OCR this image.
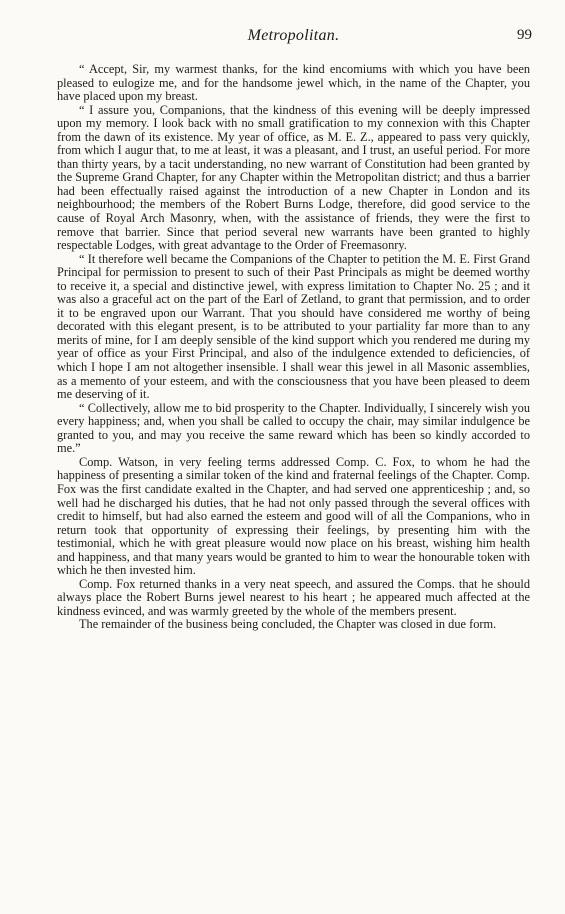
Metropolitan.	99

“ Accept, Sir, my warmest thanks, for the kind encomiums with which you have been pleased to eulogize me, and for the handsome jewel which, in the name of the Chapter, you have placed upon my breast.

“ I assure you, Companions, that the kindness of this evening will be deeply impressed upon my memory. I look back with no small gratification to my connexion with this Chapter from the dawn of its existence. My year of office, as M. E. Z., appeared to pass very quickly, from which I augur that, to me at least, it was a pleasant, and I trust, an useful period. For more than thirty years, by a tacit understanding, no new warrant of Constitution had been granted by the Supreme Grand Chapter, for any Chapter within the Metropolitan district; and thus a barrier had been effectually raised against the introduction of a new Chapter in London and its neighbourhood; the members of the Robert Burns Lodge, therefore, did good service to the cause of Royal Arch Masonry, when, with the assistance of friends, they were the first to remove that barrier. Since that period several new warrants have been granted to highly respectable Lodges, with great advantage to the Order of Freemasonry.

“ It therefore well became the Companions of the Chapter to petition the M. E. First Grand Principal for permission to present to such of their Past Principals as might be deemed worthy to receive it, a special and distinctive jewel, with express limitation to Chapter No. 25 ; and it was also a graceful act on the part of the Earl of Zetland, to grant that permission, and to order it to be engraved upon our Warrant. That you should have considered me worthy of being decorated with this elegant present, is to be attributed to your partiality far more than to any merits of mine, for I am deeply sensible of the kind support which you rendered me during my year of office as your First Principal, and also of the indulgence extended to deficiencies, of which I hope I am not altogether insensible. I shall wear this jewel in all Masonic assemblies, as a memento of your esteem, and with the consciousness that you have been pleased to deem me deserving of it.

“ Collectively, allow me to bid prosperity to the Chapter. Individually, I sincerely wish you every happiness; and, when you shall be called to occupy the chair, may similar indulgence be granted to you, and may you receive the same reward which has been so kindly accorded to me.”

Comp. Watson, in very feeling terms addressed Comp. C. Fox, to whom he had the happiness of presenting a similar token of the kind and fraternal feelings of the Chapter. Comp. Fox was the first candidate exalted in the Chapter, and had served one apprenticeship ; and, so well had he discharged his duties, that he had not only passed through the several offices with credit to himself, but had also earned the esteem and good will of all the Companions, who in return took that opportunity of expressing their feelings, by presenting him with the testimonial, which he with great pleasure would now place on his breast, wishing him health and happiness, and that many years would be granted to him to wear the honourable token with which he then invested him.

Comp. Fox returned thanks in a very neat speech, and assured the Comps. that he should always place the Robert Burns jewel nearest to his heart ; he appeared much affected at the kindness evinced, and was warmly greeted by the whole of the members present.

The remainder of the business being concluded, the Chapter was closed in due form.
